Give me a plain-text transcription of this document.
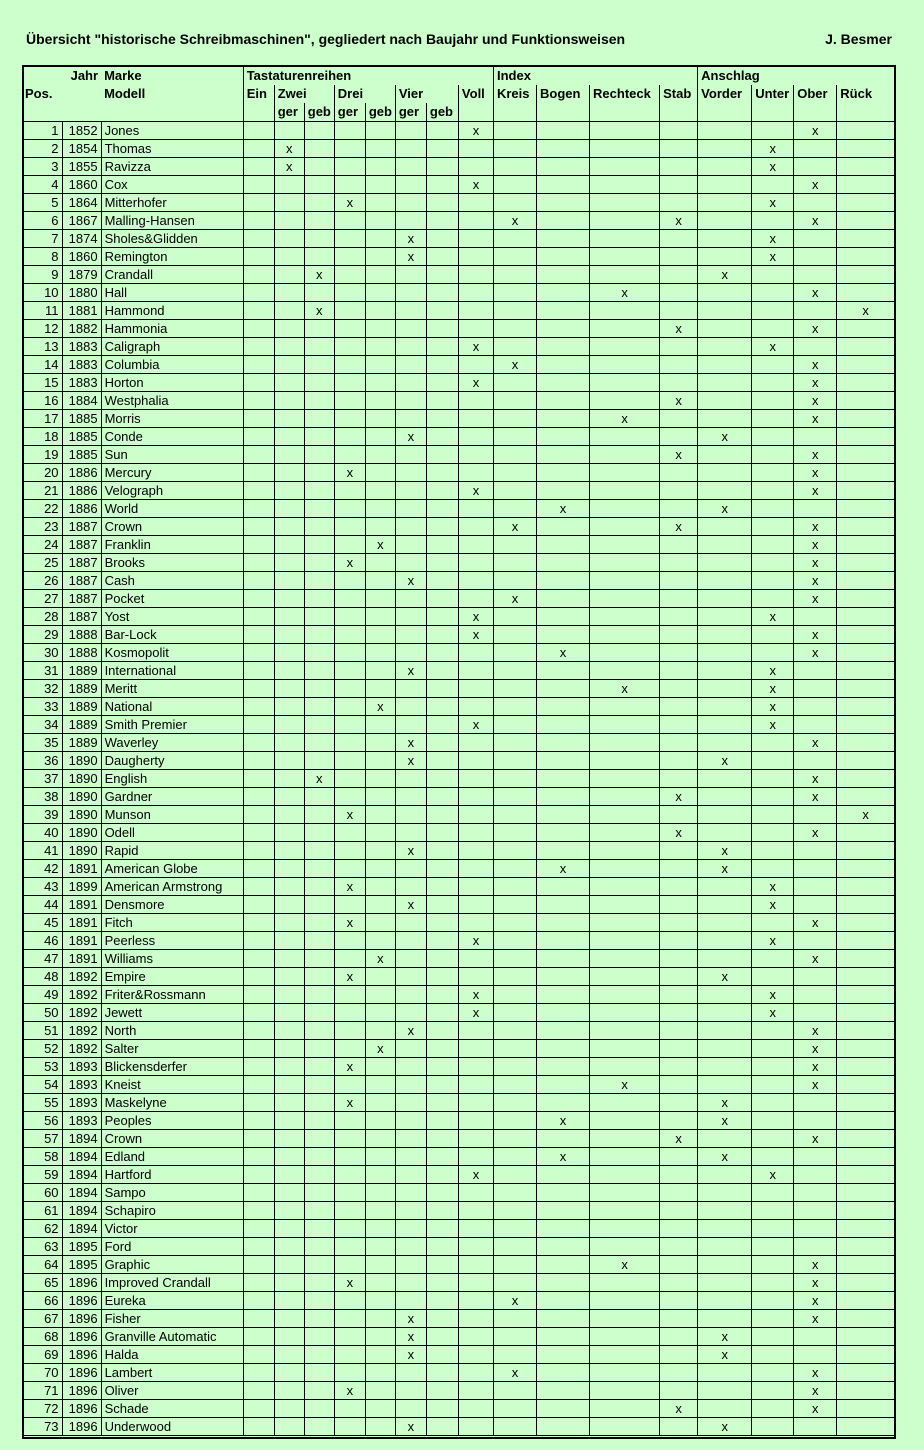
Übersicht "historische Schreibmaschinen", gegliedert nach Baujahr und Funktionsweisen	J. Besmer
	Jahr	Marke	Tastaturenreihen								Index				Anschlag			
Pos.		Modell	Ein	Zwei		Drei		Vier		Voll	Kreis	Bogen	Rechteck	Stab	Vorder	Unter	Ober	Rück
				ger	geb	ger	geb	ger	geb									
1	1852	Jones								x							x	
2	1854	Thomas		x												x		
3	1855	Ravizza		x												x		
4	1860	Cox								x							x	
5	1864	Mitterhofer				x										x		
6	1867	Malling-Hansen									x			x			x	
7	1874	Sholes&Glidden						x								x		
8	1860	Remington						x								x		
9	1879	Crandall			x										x			
10	1880	Hall											x				x	
11	1881	Hammond			x													x
12	1882	Hammonia												x			x	
13	1883	Caligraph								x						x		
14	1883	Columbia									x						x	
15	1883	Horton								x							x	
16	1884	Westphalia												x			x	
17	1885	Morris											x				x	
18	1885	Conde						x							x			
19	1885	Sun												x			x	
20	1886	Mercury				x											x	
21	1886	Velograph								x							x	
22	1886	World										x			x			
23	1887	Crown									x			x			x	
24	1887	Franklin					x										x	
25	1887	Brooks				x											x	
26	1887	Cash						x									x	
27	1887	Pocket									x						x	
28	1887	Yost								x						x		
29	1888	Bar-Lock								x							x	
30	1888	Kosmopolit										x					x	
31	1889	International						x								x		
32	1889	Meritt											x			x		
33	1889	National					x									x		
34	1889	Smith Premier								x						x		
35	1889	Waverley						x									x	
36	1890	Daugherty						x							x			
37	1890	English			x												x	
38	1890	Gardner												x			x	
39	1890	Munson				x												x
40	1890	Odell												x			x	
41	1890	Rapid						x							x			
42	1891	American Globe										x			x			
43	1899	American Armstrong				x										x		
44	1891	Densmore						x								x		
45	1891	Fitch				x											x	
46	1891	Peerless								x						x		
47	1891	Williams					x										x	
48	1892	Empire				x									x			
49	1892	Friter&Rossmann								x						x		
50	1892	Jewett								x						x		
51	1892	North						x									x	
52	1892	Salter					x										x	
53	1893	Blickensderfer				x											x	
54	1893	Kneist											x				x	
55	1893	Maskelyne				x									x			
56	1893	Peoples										x			x			
57	1894	Crown												x			x	
58	1894	Edland										x			x			
59	1894	Hartford								x						x		
60	1894	Sampo																
61	1894	Schapiro																
62	1894	Victor																
63	1895	Ford																
64	1895	Graphic											x				x	
65	1896	Improved Crandall				x											x	
66	1896	Eureka									x						x	
67	1896	Fisher						x									x	
68	1896	Granville Automatic						x							x			
69	1896	Halda						x							x			
70	1896	Lambert									x						x	
71	1896	Oliver				x											x	
72	1896	Schade												x			x	
73	1896	Underwood						x							x			
